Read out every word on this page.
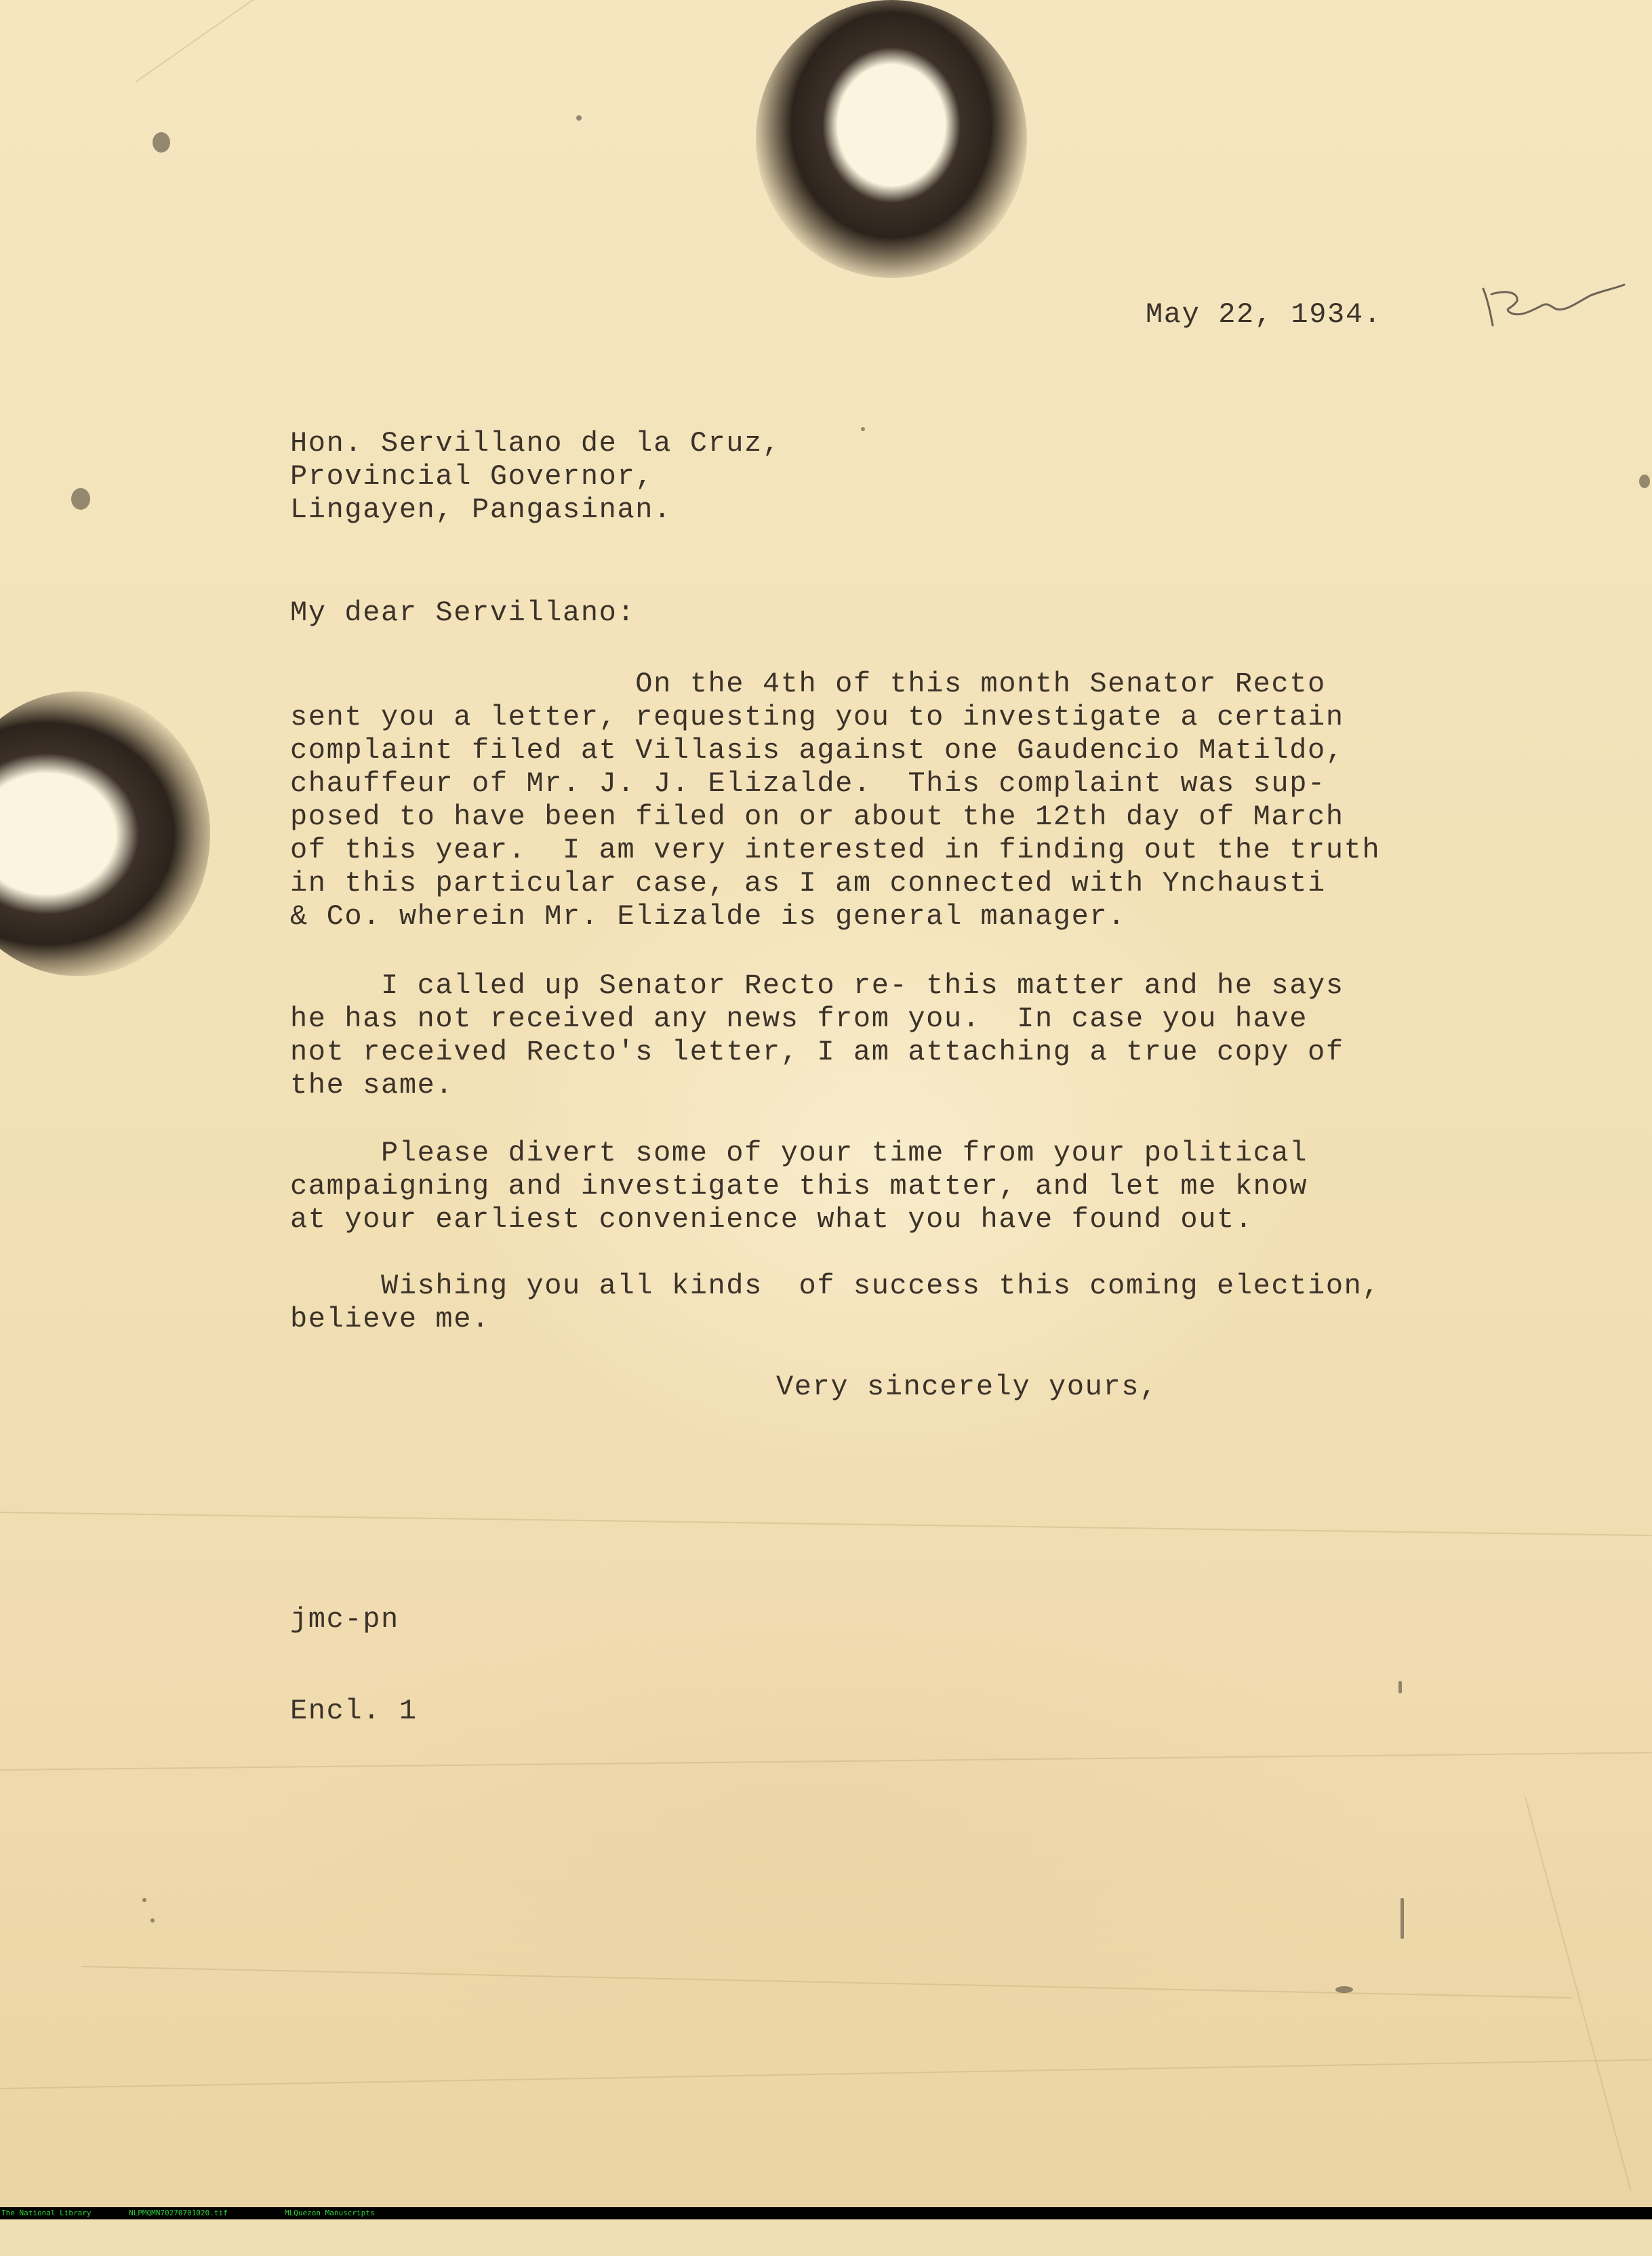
May 22, 1934.

Hon. Servillano de la Cruz,
Provincial Governor,
Lingayen, Pangasinan.

My dear Servillano:

On the 4th of this month Senator Recto
sent you a letter, requesting you to investigate a certain
complaint filed at Villasis against one Gaudencio Matildo,
chauffeur of Mr. J. J. Elizalde.  This complaint was sup-
posed to have been filed on or about the 12th day of March
of this year.  I am very interested in finding out the truth
in this particular case, as I am connected with Ynchausti
& Co. wherein Mr. Elizalde is general manager.
I called up Senator Recto re- this matter and he says
he has not received any news from you.  In case you have
not received Recto's letter, I am attaching a true copy of
the same.
Please divert some of your time from your political
campaigning and investigate this matter, and let me know
at your earliest convenience what you have found out.
Wishing you all kinds  of success this coming election,
believe me.

Very sincerely yours,

jmc-pn

Encl. 1

The National Library

	NLPMQMN70270701020.tif

	MLQuezon Manuscripts
